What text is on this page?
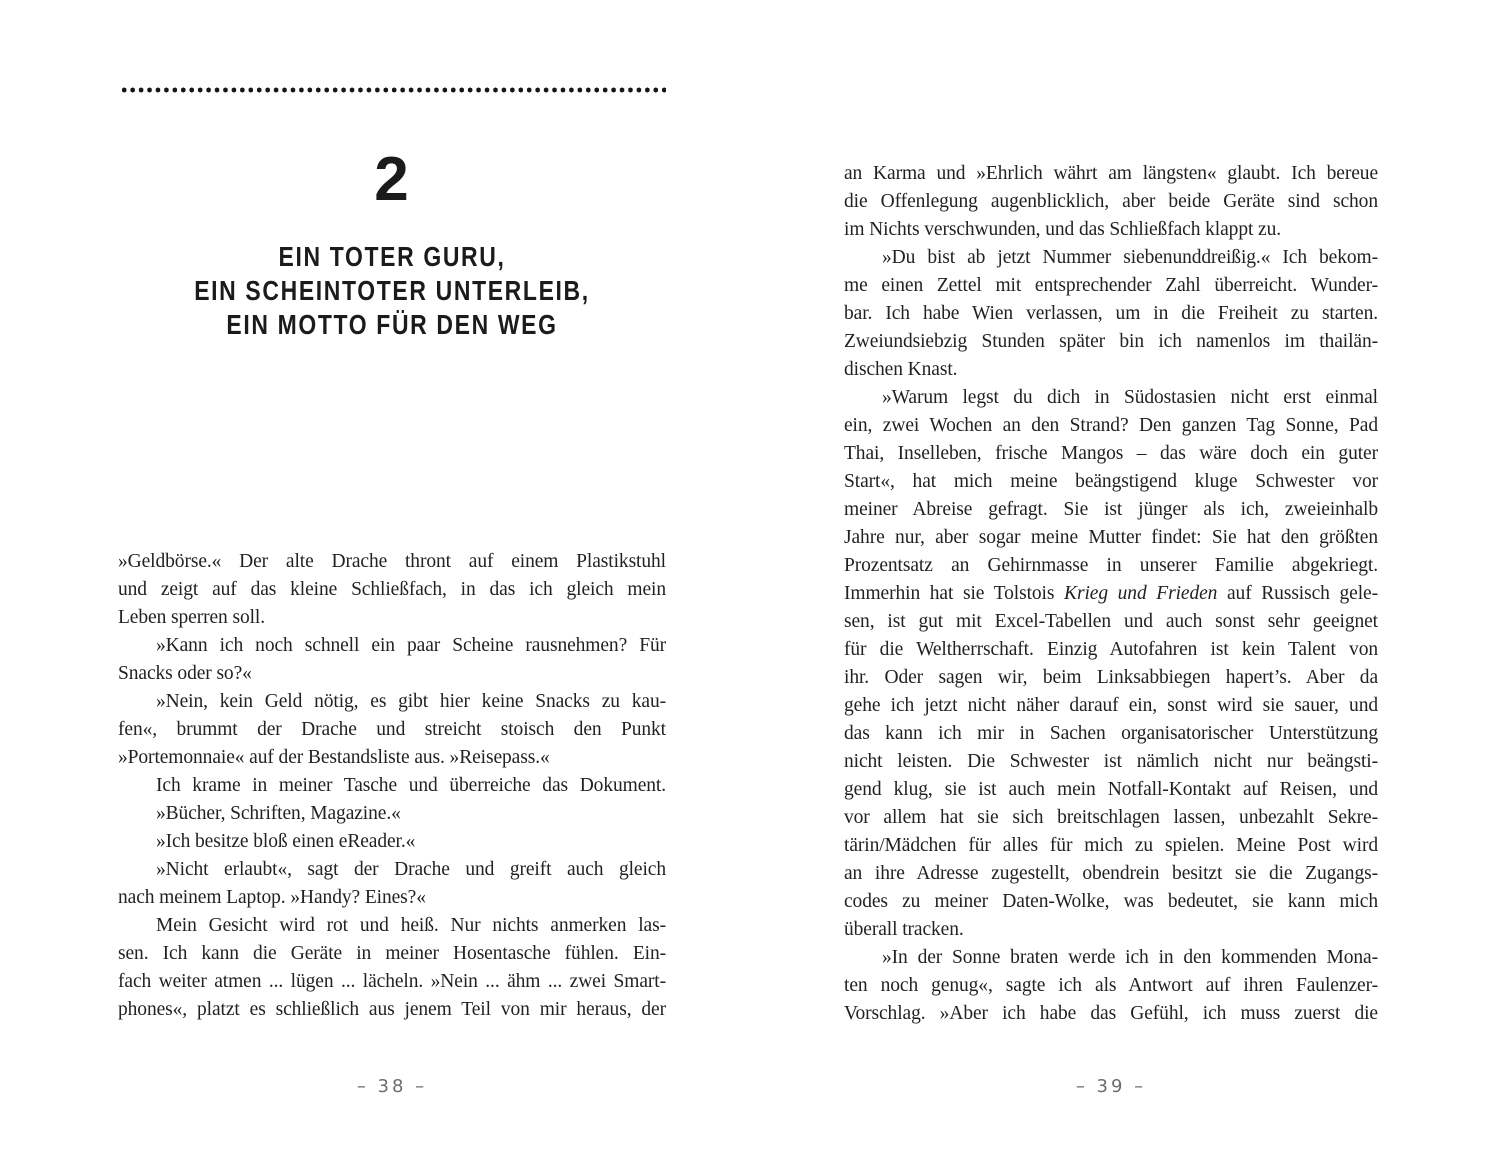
2
EIN TOTER GURU,
EIN SCHEINTOTER UNTERLEIB,
EIN MOTTO FÜR DEN WEG
»Geldbörse.« Der alte Drache thront auf einem Plastikstuhl
und zeigt auf das kleine Schließfach, in das ich gleich mein
Leben sperren soll.
»Kann ich noch schnell ein paar Scheine rausnehmen? Für
Snacks oder so?«
»Nein, kein Geld nötig, es gibt hier keine Snacks zu kau-
fen«, brummt der Drache und streicht stoisch den Punkt
»Portemonnaie« auf der Bestandsliste aus. »Reisepass.«
Ich krame in meiner Tasche und überreiche das Dokument.
»Bücher, Schriften, Magazine.«
»Ich besitze bloß einen eReader.«
»Nicht erlaubt«, sagt der Drache und greift auch gleich
nach meinem Laptop. »Handy? Eines?«
Mein Gesicht wird rot und heiß. Nur nichts anmerken las-
sen. Ich kann die Geräte in meiner Hosentasche fühlen. Ein-
fach weiter atmen ... lügen ... lächeln. »Nein ... ähm ... zwei Smart-
phones«, platzt es schließlich aus jenem Teil von mir heraus, der
– 38 –
an Karma und »Ehrlich währt am längsten« glaubt. Ich bereue
die Offenlegung augenblicklich, aber beide Geräte sind schon
im Nichts verschwunden, und das Schließfach klappt zu.
»Du bist ab jetzt Nummer siebenunddreißig.« Ich bekom-
me einen Zettel mit entsprechender Zahl überreicht. Wunder-
bar. Ich habe Wien verlassen, um in die Freiheit zu starten.
Zweiundsiebzig Stunden später bin ich namenlos im thailän-
dischen Knast.
»Warum legst du dich in Südostasien nicht erst einmal
ein, zwei Wochen an den Strand? Den ganzen Tag Sonne, Pad
Thai, Inselleben, frische Mangos – das wäre doch ein guter
Start«, hat mich meine beängstigend kluge Schwester vor
meiner Abreise gefragt. Sie ist jünger als ich, zweieinhalb
Jahre nur, aber sogar meine Mutter findet: Sie hat den größten
Prozentsatz an Gehirnmasse in unserer Familie abgekriegt.
Immerhin hat sie Tolstois Krieg und Frieden auf Russisch gele-
sen, ist gut mit Excel-Tabellen und auch sonst sehr geeignet
für die Weltherrschaft. Einzig Autofahren ist kein Talent von
ihr. Oder sagen wir, beim Linksabbiegen hapert’s. Aber da
gehe ich jetzt nicht näher darauf ein, sonst wird sie sauer, und
das kann ich mir in Sachen organisatorischer Unterstützung
nicht leisten. Die Schwester ist nämlich nicht nur beängsti-
gend klug, sie ist auch mein Notfall-Kontakt auf Reisen, und
vor allem hat sie sich breitschlagen lassen, unbezahlt Sekre-
tärin/Mädchen für alles für mich zu spielen. Meine Post wird
an ihre Adresse zugestellt, obendrein besitzt sie die Zugangs-
codes zu meiner Daten-Wolke, was bedeutet, sie kann mich
überall tracken.
»In der Sonne braten werde ich in den kommenden Mona-
ten noch genug«, sagte ich als Antwort auf ihren Faulenzer-
Vorschlag. »Aber ich habe das Gefühl, ich muss zuerst die
– 39 –
